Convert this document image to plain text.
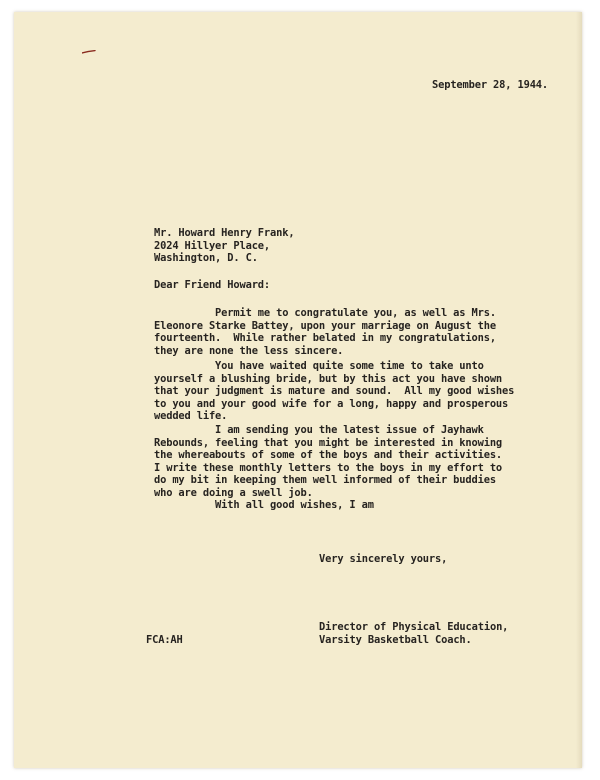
September 28, 1944.
Mr. Howard Henry Frank,
2024 Hillyer Place,
Washington, D. C.
Dear Friend Howard:
Permit me to congratulate you, as well as Mrs.
Eleonore Starke Battey, upon your marriage on August the
fourteenth.  While rather belated in my congratulations,
they are none the less sincere.
You have waited quite some time to take unto
yourself a blushing bride, but by this act you have shown
that your judgment is mature and sound.  All my good wishes
to you and your good wife for a long, happy and prosperous
wedded life.
I am sending you the latest issue of Jayhawk
Rebounds, feeling that you might be interested in knowing
the whereabouts of some of the boys and their activities.
I write these monthly letters to the boys in my effort to
do my bit in keeping them well informed of their buddies
who are doing a swell job.
With all good wishes, I am
Very sincerely yours,
Director of Physical Education,
Varsity Basketball Coach.
FCA:AH
